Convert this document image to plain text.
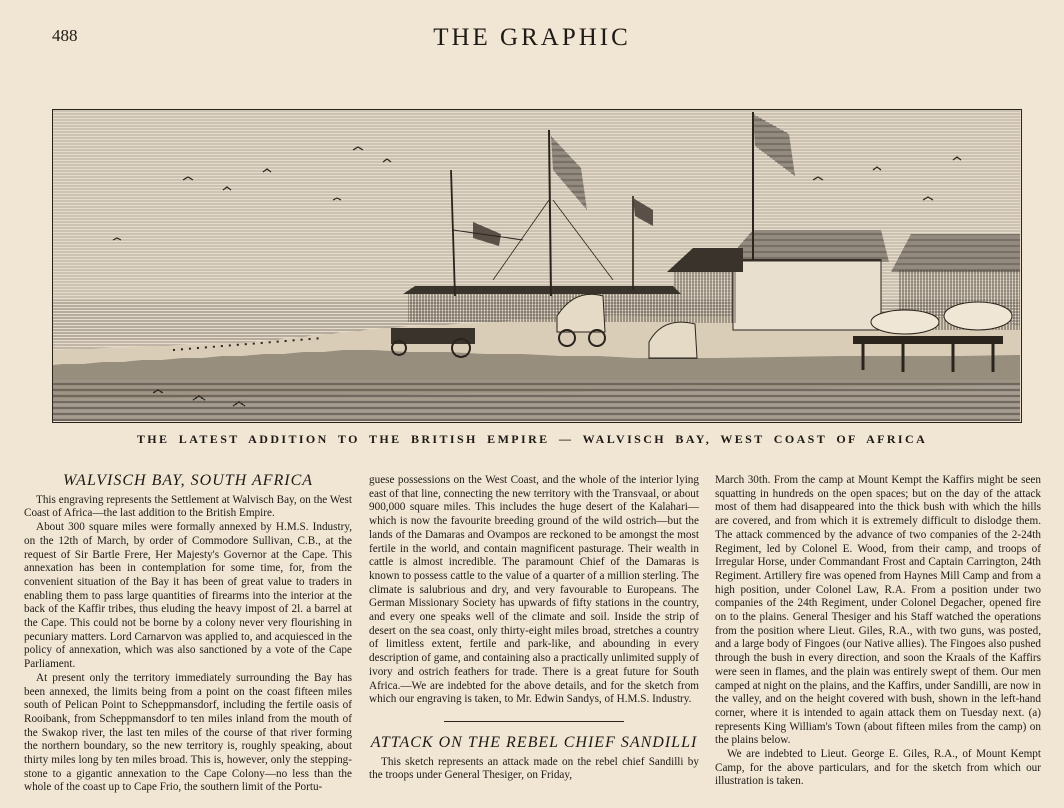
488	THE GRAPHIC
THE LATEST ADDITION TO THE BRITISH EMPIRE — WALVISCH BAY, WEST COAST OF AFRICA
WALVISCH BAY, SOUTH AFRICA

This engraving represents the Settlement at Walvisch Bay, on the West Coast of Africa—the last addition to the British Empire.

About 300 square miles were formally annexed by H.M.S. Industry, on the 12th of March, by order of Commodore Sullivan, C.B., at the request of Sir Bartle Frere, Her Majesty's Governor at the Cape. This annexation has been in contemplation for some time, for, from the convenient situation of the Bay it has been of great value to traders in enabling them to pass large quantities of firearms into the interior at the back of the Kaffir tribes, thus eluding the heavy impost of 2l. a barrel at the Cape. This could not be borne by a colony never very flourishing in pecuniary matters. Lord Carnarvon was applied to, and acquiesced in the policy of annexation, which was also sanctioned by a vote of the Cape Parliament.

At present only the territory immediately surrounding the Bay has been annexed, the limits being from a point on the coast fifteen miles south of Pelican Point to Scheppmansdorf, including the fertile oasis of Rooibank, from Scheppmansdorf to ten miles inland from the mouth of the Swakop river, the last ten miles of the course of that river forming the northern boundary, so the new territory is, roughly speaking, about thirty miles long by ten miles broad. This is, however, only the stepping-stone to a gigantic annexation to the Cape Colony—no less than the whole of the coast up to Cape Frio, the southern limit of the Portu-

guese possessions on the West Coast, and the whole of the interior lying east of that line, connecting the new territory with the Transvaal, or about 900,000 square miles. This includes the huge desert of the Kalahari—which is now the favourite breeding ground of the wild ostrich—but the lands of the Damaras and Ovampos are reckoned to be amongst the most fertile in the world, and contain magnificent pasturage. Their wealth in cattle is almost incredible. The paramount Chief of the Damaras is known to possess cattle to the value of a quarter of a million sterling. The climate is salubrious and dry, and very favourable to Europeans. The German Missionary Society has upwards of fifty stations in the country, and every one speaks well of the climate and soil. Inside the strip of desert on the sea coast, only thirty-eight miles broad, stretches a country of limitless extent, fertile and park-like, and abounding in every description of game, and containing also a practically unlimited supply of ivory and ostrich feathers for trade. There is a great future for South Africa.—We are indebted for the above details, and for the sketch from which our engraving is taken, to Mr. Edwin Sandys, of H.M.S. Industry.

ATTACK ON THE REBEL CHIEF SANDILLI

This sketch represents an attack made on the rebel chief Sandilli by the troops under General Thesiger, on Friday,

March 30th. From the camp at Mount Kempt the Kaffirs might be seen squatting in hundreds on the open spaces; but on the day of the attack most of them had disappeared into the thick bush with which the hills are covered, and from which it is extremely difficult to dislodge them. The attack commenced by the advance of two companies of the 2-24th Regiment, led by Colonel E. Wood, from their camp, and troops of Irregular Horse, under Commandant Frost and Captain Carrington, 24th Regiment. Artillery fire was opened from Haynes Mill Camp and from a high position, under Colonel Law, R.A. From a position under two companies of the 24th Regiment, under Colonel Degacher, opened fire on to the plains. General Thesiger and his Staff watched the operations from the position where Lieut. Giles, R.A., with two guns, was posted, and a large body of Fingoes (our Native allies). The Fingoes also pushed through the bush in every direction, and soon the Kraals of the Kaffirs were seen in flames, and the plain was entirely swept of them. Our men camped at night on the plains, and the Kaffirs, under Sandilli, are now in the valley, and on the height covered with bush, shown in the left-hand corner, where it is intended to again attack them on Tuesday next. (a) represents King William's Town (about fifteen miles from the camp) on the plains below.

We are indebted to Lieut. George E. Giles, R.A., of Mount Kempt Camp, for the above particulars, and for the sketch from which our illustration is taken.
